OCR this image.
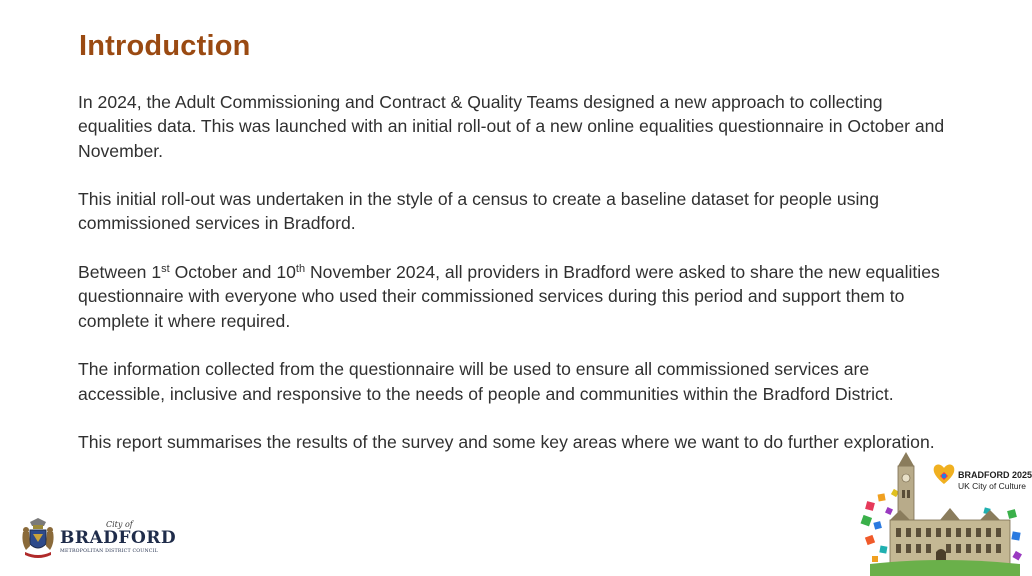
Introduction

In 2024, the Adult Commissioning and Contract & Quality Teams designed a new approach to collecting equalities data. This was launched with an initial roll-out of a new online equalities questionnaire in October and November.

This initial roll-out was undertaken in the style of a census to create a baseline dataset for people using commissioned services in Bradford.

Between 1st October and 10th November 2024, all providers in Bradford were asked to share the new equalities questionnaire with everyone who used their commissioned services during this period and support them to complete it where required.

The information collected from the questionnaire will be used to ensure all commissioned services are accessible, inclusive and responsive to the needs of people and communities within the Bradford District.

This report summarises the results of the survey and some key areas where we want to do further exploration.

City of
BRADFORD
METROPOLITAN DISTRICT COUNCIL
BRADFORD 2025
UK City of Culture
